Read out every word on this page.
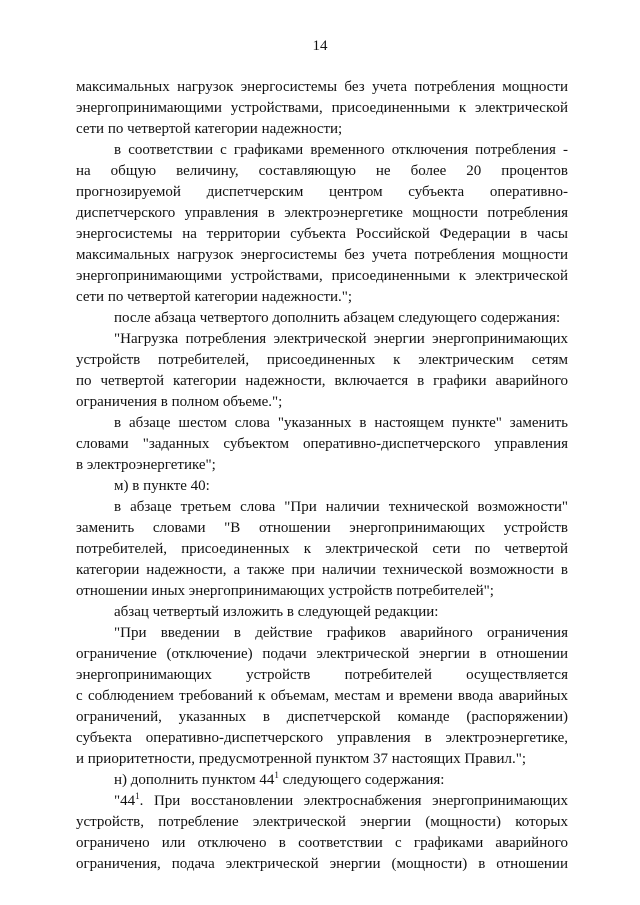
14
максимальных нагрузок энергосистемы без учета потребления мощности
энергопринимающими устройствами, присоединенными к электрической
сети по четвертой категории надежности;
в соответствии с графиками временного отключения потребления -
на общую величину, составляющую не более 20 процентов
прогнозируемой диспетчерским центром субъекта оперативно-
диспетчерского управления в электроэнергетике мощности потребления
энергосистемы на территории субъекта Российской Федерации в часы
максимальных нагрузок энергосистемы без учета потребления мощности
энергопринимающими устройствами, присоединенными к электрической
сети по четвертой категории надежности.";
после абзаца четвертого дополнить абзацем следующего содержания:
"Нагрузка потребления электрической энергии энергопринимающих
устройств потребителей, присоединенных к электрическим сетям
по четвертой категории надежности, включается в графики аварийного
ограничения в полном объеме.";
в абзаце шестом слова "указанных в настоящем пункте" заменить
словами "заданных субъектом оперативно-диспетчерского управления
в электроэнергетике";
м) в пункте 40:
в абзаце третьем слова "При наличии технической возможности"
заменить словами "В отношении энергопринимающих устройств
потребителей, присоединенных к электрической сети по четвертой
категории надежности, а также при наличии технической возможности в
отношении иных энергопринимающих устройств потребителей";
абзац четвертый изложить в следующей редакции:
"При введении в действие графиков аварийного ограничения
ограничение (отключение) подачи электрической энергии в отношении
энергопринимающих устройств потребителей осуществляется
с соблюдением требований к объемам, местам и времени ввода аварийных
ограничений, указанных в диспетчерской команде (распоряжении)
субъекта оперативно-диспетчерского управления в электроэнергетике,
и приоритетности, предусмотренной пунктом 37 настоящих Правил.";
н) дополнить пунктом $44^1$ следующего содержания:
"$44^1$. При восстановлении электроснабжения энергопринимающих
устройств, потребление электрической энергии (мощности) которых
ограничено или отключено в соответствии с графиками аварийного
ограничения, подача электрической энергии (мощности) в отношении
